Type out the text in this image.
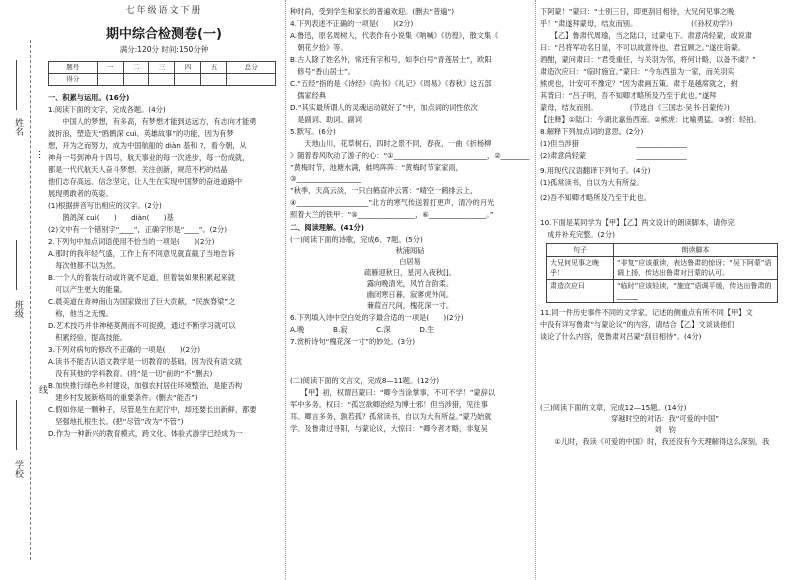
姓名
班级
线
学校
…
七年级语文下册
期中综合检测卷(一)
满分:120分 时间:150分钟
题号	一	二	三	四	五	总分
得分						
一、积累与运用。(16分)
1.阅读下面的文字，完成各题。(4分)
　　中国人的梦想，有多高，有梦想才能到达远方，有志向才能勇
波折浪，塑造天“鸥鹘深 cuì、英雄故事”的功能，因为有梦
想，开为之而努力，成为中国航船的 diàn 基和 ?，看今朝，从
神舟一号到神舟十四号，航天事业的每一次进步，每一份成就，
都是一代代航天人奋斗梦想、关注创新，规范不朽的结晶
他们志存高远、信念坚定，让人生在实现中国梦的奋进道路中
展现勇敢者的英姿。
(1)根据拼音写出相应的汉字。(2分)
　　鹊鸽深 cuì(　　)　　diàn(　　)基
(2)文中有一个错别字“____”，正确字形是“____”。(2分)
2.下列句中加点词语使用不恰当的一项是(　　)(2分)
A.那时的我年轻气盛，工作上有不同意见就直截了当地告诉
　每次他都不以为然。
B.一个人的着装行动或许就不足道，但着装如果积累起来就
　可以产生更大的能量。
C.晨美道在青神南山为国家做出了巨大贡献，“民族脊梁”之
　称，他当之无愧。
D.艺术技巧并非神秘莫测而不可捉摸，通过不断学习就可以
　积累经验，提高技能。
3.下列对病句的修改不正确的一项是(　　)(2分)
A.读书不能否认语文教学是一切教育的基础，因为没有语文就
　没有其他的学科教育。(将“是一切”前的“不”删去)
B.加快推行绿色乡村建设，加强农村居住环境整治，是能否构
　建乡村发展新格局的重要条件。(删去“能否”)
C.假如你是一颗种子，尽管是生在泥泞中，却还要长出新鲜，都要
　坚强地扎根生长。(把“尽管”改为“不管”)
D.作为一种新兴的教育模式，跨文化、体验式游学已经成为一
种时尚，受到学生和家长的普遍欢迎。(删去“普遍”)
4.下列表述不正确的一项是(　　)(2分)
A.鲁迅，原名周树人，代表作有小说集《呐喊》《彷徨》，散文集《
　朝花夕拾》等。
B.古人除了姓名外，常还有字和号，如李白号“青莲居士”，欧阳
　修号“香山居士”。
C.“五经”指的是《诗经》《尚书》《礼记》《周易》《春秋》这五部
　儒家经典
D.“其实最所谓人的灵魂运动就好了”中，加点词的词性依次
　是副词、助词、副词
5.默写。(6分)
　　天地山川，花草树石，四时之景不同，春夜，一曲《折杨柳
》随着春风吹动了游子的心：“①__________________________，②________
”黄梅时节，池塘水满，蛙鸣阵阵：“黄梅时节家家雨，③__________________
”秋季，天高云淡，一只白鹤直冲云霄：“晴空一鹤排云上，
④____________________”北方的寒气传送着打更声，清冷的月光
照着大兰的铁甲：“⑤________________，⑥________________。”
二、阅读理解。(41分)
(一)阅读下面的诗歌，完成6、7题。(5分)
秋浦闻砧
白居易
疏雁迎秋日，星河入夜秋[]。
露向晚清光，风竹含韵柔。
幽闭寒日暮，寂寥虎外间。
蒹葭百尺间，槐花深一寸。
6.下列填入诗中空白处的字最合适的一项是(　　)(2分)
A.晚　　　　B.寂　　　　C.深　　　　D.生
7.赏析诗句“槐花深一寸”的妙处。(3分)
(二)阅读下面的文言文，完成8—11题。(12分)
　　【甲】初，权谓吕蒙曰：“卿今当涂掌事，不可不学！”蒙辞以
军中多务。权曰：“孤岂欲卿治经为博士邪！但当涉猎，见往事
耳。卿言多务，孰若孤？孤常读书，自以为大有所益。”蒙乃始就
学。及鲁肃过寻阳，与蒙论议，大惊曰：“卿今者才略，非复吴
下阿蒙！”蒙曰：“士别三日，即更刮目相待，大兄何见事之晚
乎！”肃遂拜蒙母，结友而别。　　　　　　　　(《孙权劝学》)
　　【乙】鲁肃代周瑜，当之陆口，过蒙屯下。肃意尚轻蒙，或说肃
曰：“吕将军功名日显，不可以故意待也，君宜顾之。”遂往诣蒙。
酒酣，蒙问肃曰：“君受重任，与关羽为邻，将何计略，以备不虞？”
肃造次应曰：“临时施宜。”蒙曰：“今东西虽为一家，而关羽实
熊虎也，计安可不豫定？”因为肃画五策。肃于是越席就之，拊
其背曰：“吕子明，吾不知卿才略所及乃至于此也。”遂拜
蒙母，结友而别。　　　　　(节选自《三国志·吴书·吕蒙传》)
【注释】①陆口：今湖北嘉鱼西南。②熊虎：比喻勇猛。③拊：轻拍。
8.解释下列加点词的意思。(2分)
(1)但当涉猎　　　　　　　　______________
(2)肃意尚轻蒙　　　　　　　______________
9.用现代汉语翻译下列句子。(4分)
(1)孤常读书，自以为大有所益。
(2)吾不知卿才略所及乃至于此也。
10.下面是某同学为【甲】【乙】两文设计的朗读脚本，请你完
　成并补充完整。(2分)
句子	朗读脚本
大兄何见事之晚乎！	“非复”应该重读，表达鲁肃的惊讶；“吴下阿蒙”语调上扬，传达出鲁肃对吕蒙的认可。
肃造次应曰	“临时”应该轻读，“施宜”语调平缓，传达出鲁肃的______
11.同一件历史事件不同的文学家，记述的侧重点有所不同【甲】文
中没有详写鲁肃“与蒙论议”的内容，请结合【乙】文谈谈他们
谈论了什么内容，使鲁肃对吕蒙“刮目相待”。(4分)
(三)阅读下面的文章，完成12—15题。(14分)
穿越时空的对话：我“可爱的中国”
刘　钧
　　①儿时，我读《可爱的中国》时，我还没有今天理解得这么深刻，我
